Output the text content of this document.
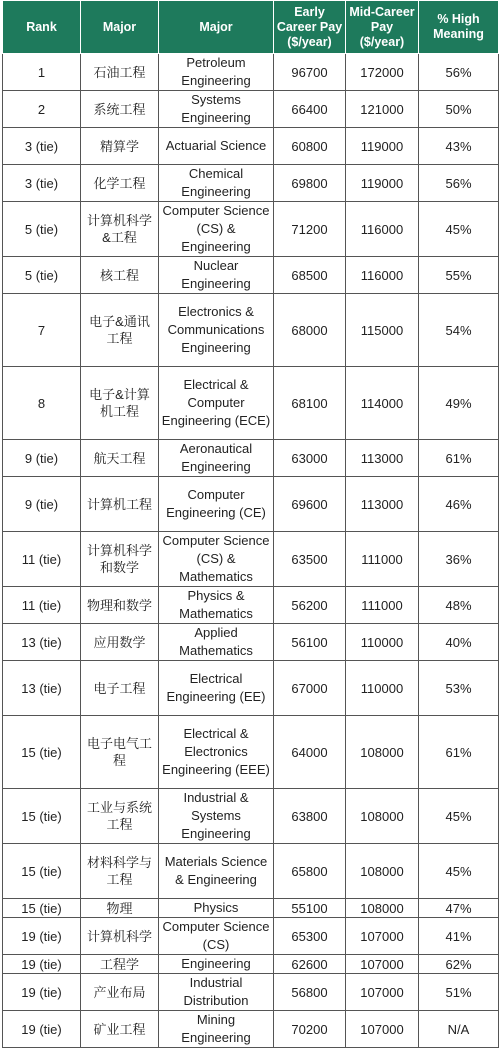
Rank	Major	Major	Early Career Pay ($/year)	Mid-Career Pay ($/year)	% High Meaning
1	石油工程	Petroleum Engineering	96700	172000	56%
2	系统工程	Systems Engineering	66400	121000	50%
3 (tie)	精算学	Actuarial Science	60800	119000	43%
3 (tie)	化学工程	Chemical Engineering	69800	119000	56%
5 (tie)	计算机科学&工程	Computer Science (CS) & Engineering	71200	116000	45%
5 (tie)	核工程	Nuclear Engineering	68500	116000	55%
7	电子&通讯工程	Electronics & Communications Engineering	68000	115000	54%
8	电子&计算机工程	Electrical & Computer Engineering (ECE)	68100	114000	49%
9 (tie)	航天工程	Aeronautical Engineering	63000	113000	61%
9 (tie)	计算机工程	Computer Engineering (CE)	69600	113000	46%
11 (tie)	计算机科学和数学	Computer Science (CS) & Mathematics	63500	111000	36%
11 (tie)	物理和数学	Physics & Mathematics	56200	111000	48%
13 (tie)	应用数学	Applied Mathematics	56100	110000	40%
13 (tie)	电子工程	Electrical Engineering (EE)	67000	110000	53%
15 (tie)	电子电气工程	Electrical & Electronics Engineering (EEE)	64000	108000	61%
15 (tie)	工业与系统工程	Industrial & Systems Engineering	63800	108000	45%
15 (tie)	材料科学与工程	Materials Science & Engineering	65800	108000	45%
15 (tie)	物理	Physics	55100	108000	47%
19 (tie)	计算机科学	Computer Science (CS)	65300	107000	41%
19 (tie)	工程学	Engineering	62600	107000	62%
19 (tie)	产业布局	Industrial Distribution	56800	107000	51%
19 (tie)	矿业工程	Mining Engineering	70200	107000	N/A
